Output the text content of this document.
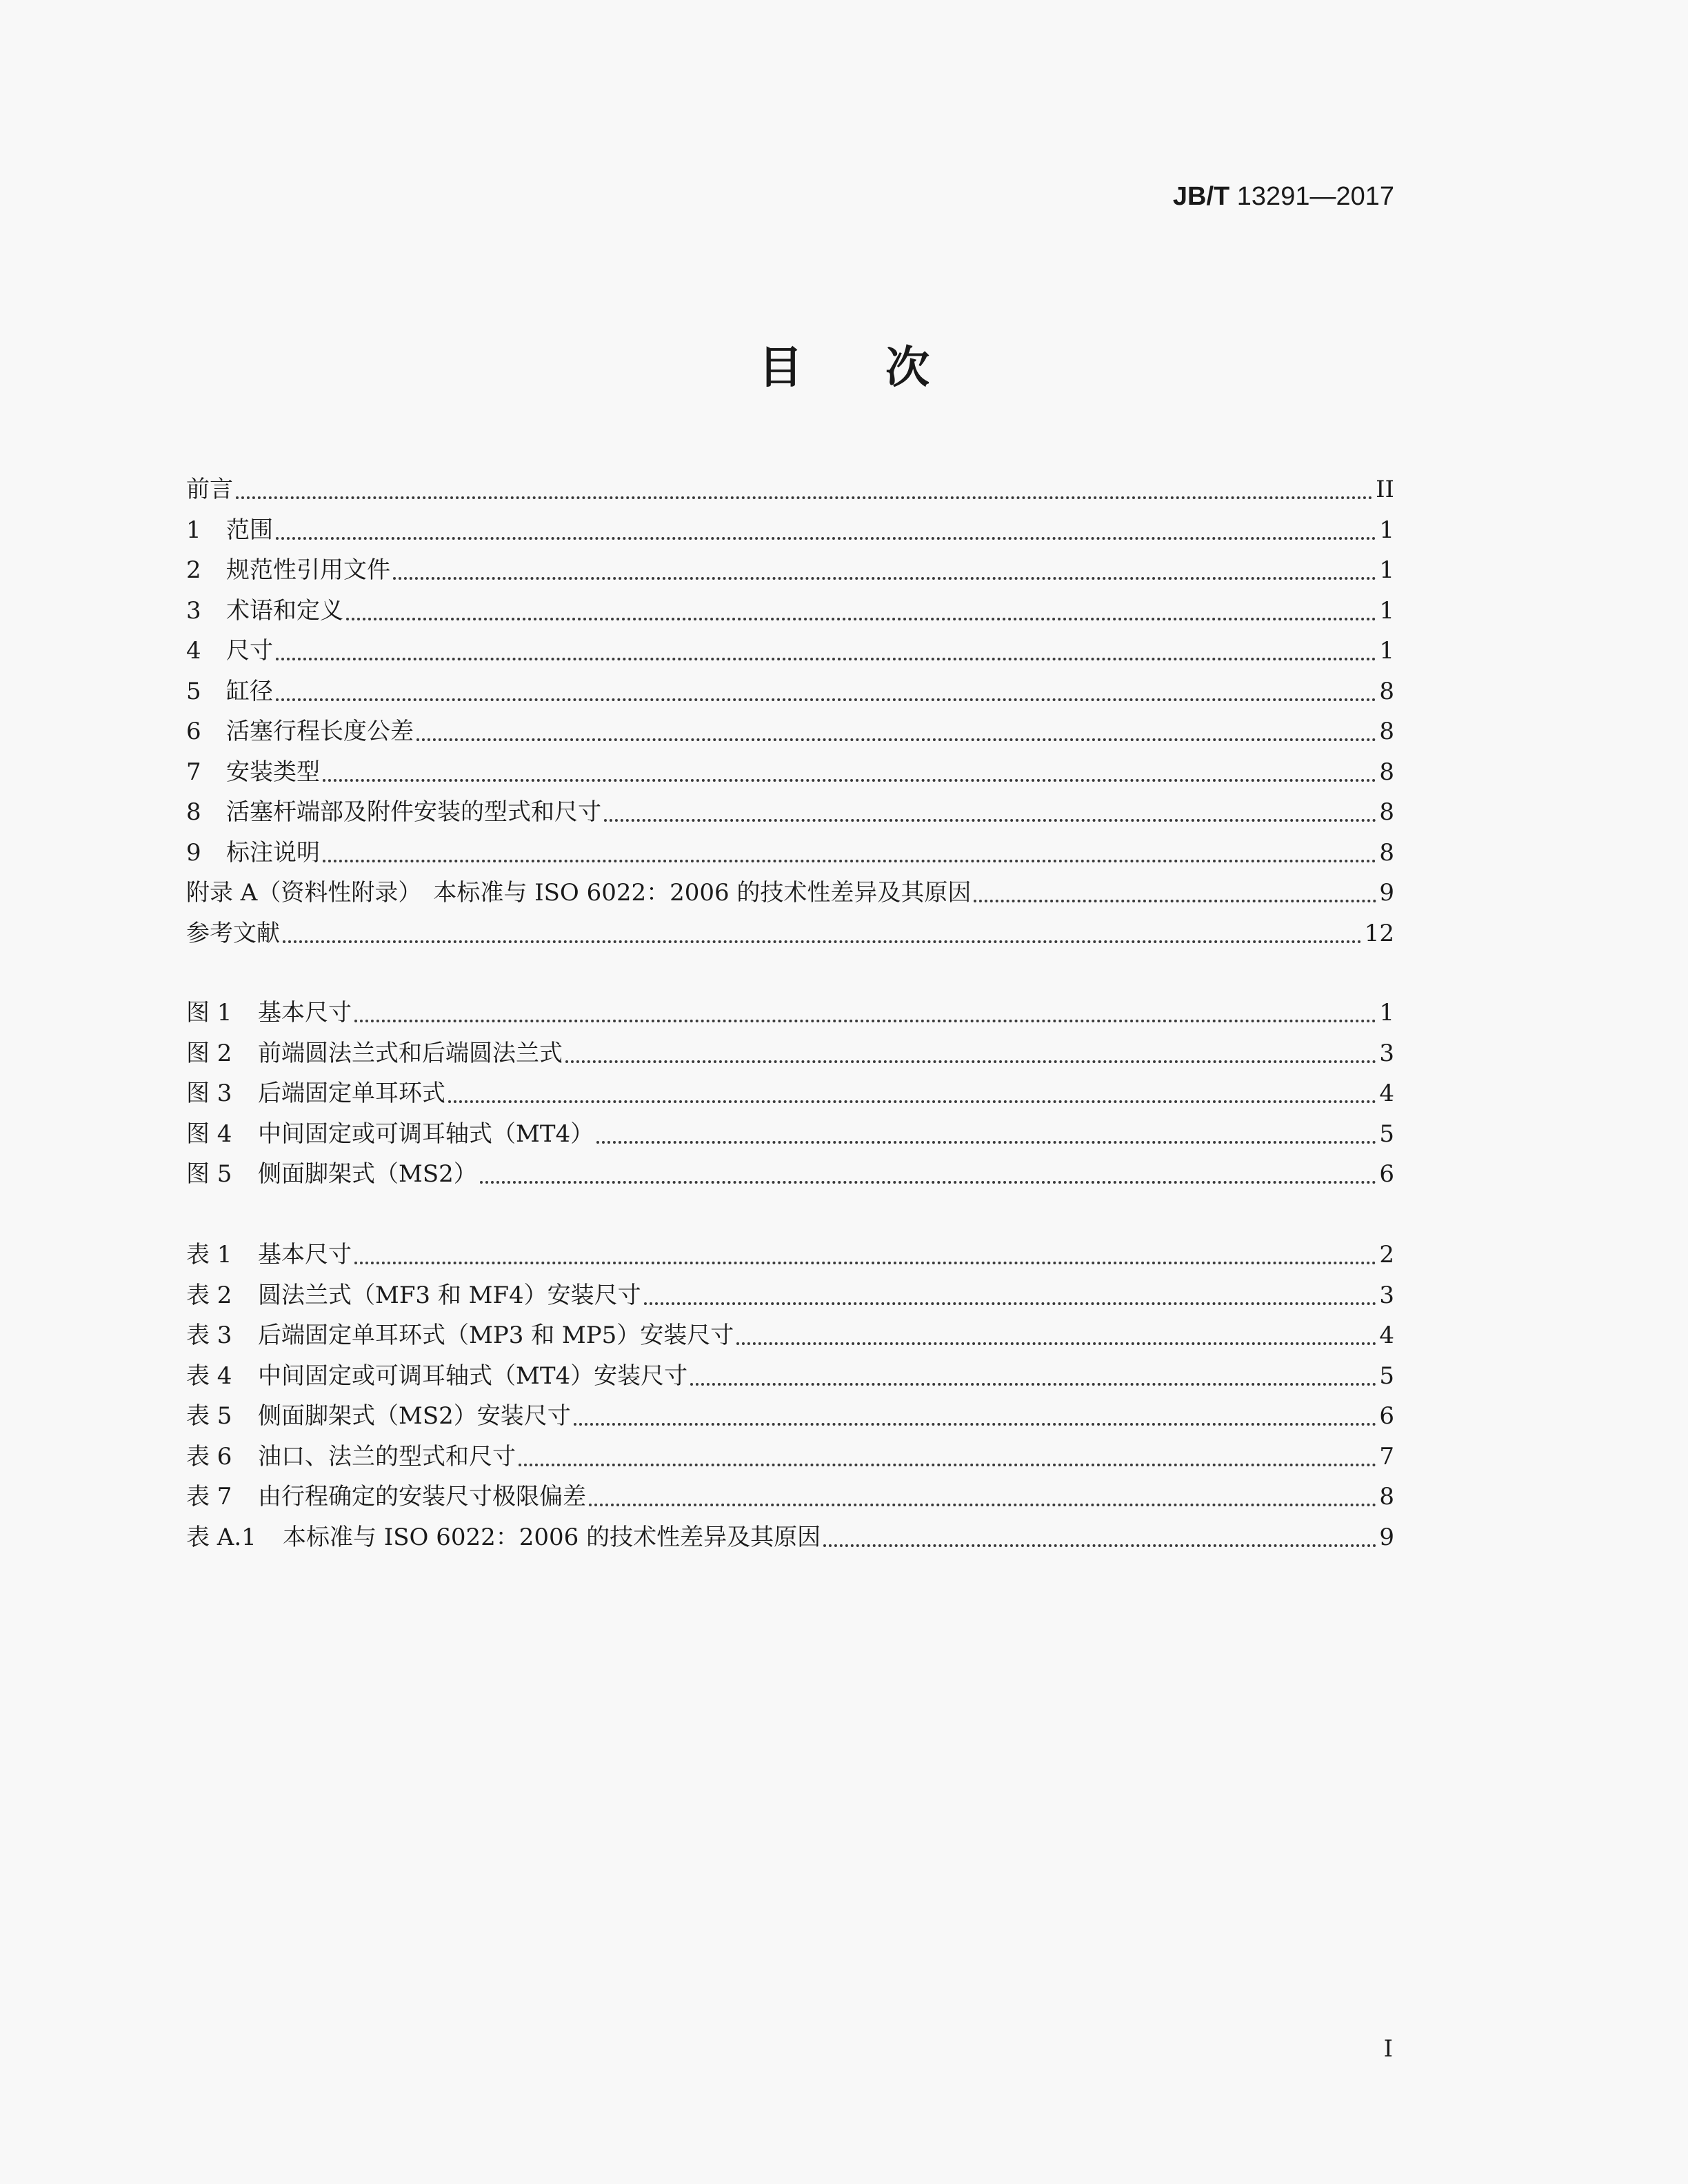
JB/T 13291—2017
目次
前言	II
1	范围	1
2	规范性引用文件	1
3	术语和定义	1
4	尺寸	1
5	缸径	8
6	活塞行程长度公差	8
7	安装类型	8
8	活塞杆端部及附件安装的型式和尺寸	8
9	标注说明	8
附录 A（资料性附录）　本标准与 ISO 6022：2006 的技术性差异及其原因	9
参考文献	12
图 1	基本尺寸	1
图 2	前端圆法兰式和后端圆法兰式	3
图 3	后端固定单耳环式	4
图 4	中间固定或可调耳轴式（MT4）	5
图 5	侧面脚架式（MS2）	6
表 1	基本尺寸	2
表 2	圆法兰式（MF3 和 MF4）安装尺寸	3
表 3	后端固定单耳环式（MP3 和 MP5）安装尺寸	4
表 4	中间固定或可调耳轴式（MT4）安装尺寸	5
表 5	侧面脚架式（MS2）安装尺寸	6
表 6	油口、法兰的型式和尺寸	7
表 7	由行程确定的安装尺寸极限偏差	8
表 A.1	本标准与 ISO 6022：2006 的技术性差异及其原因	9
I
